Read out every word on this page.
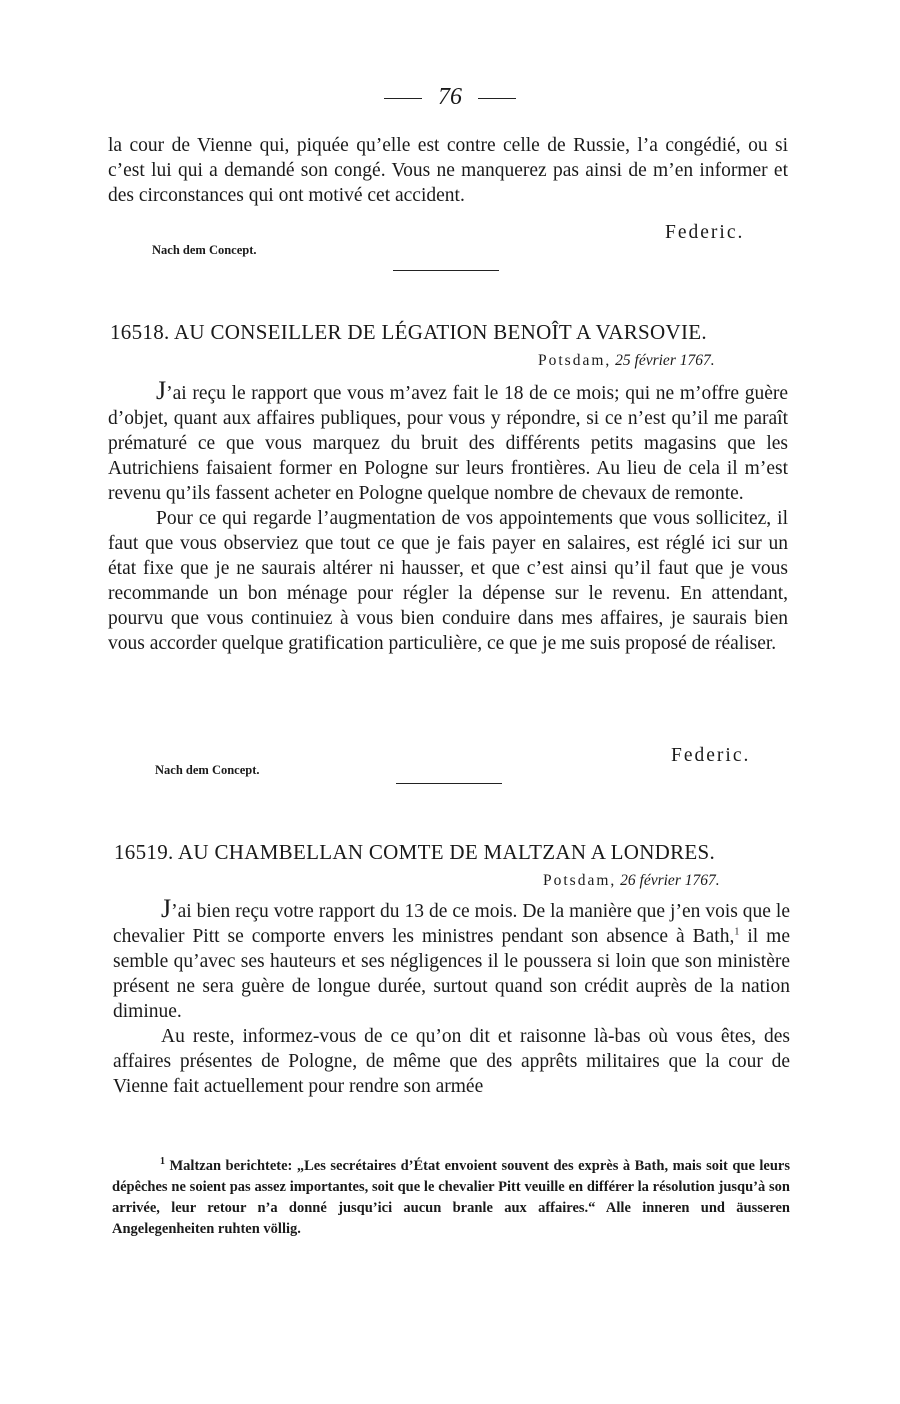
76

la cour de Vienne qui, piquée qu’elle est contre celle de Russie, l’a congédié, ou si c’est lui qui a demandé son congé. Vous ne manquerez pas ainsi de m’en informer et des circonstances qui ont motivé cet accident.

Federic.
Nach dem Concept.
16518. AU CONSEILLER DE LÉGATION BENOÎT A VARSOVIE.
Potsdam, 25 février 1767.

J’ai reçu le rapport que vous m’avez fait le 18 de ce mois; qui ne m’offre guère d’objet, quant aux affaires publiques, pour vous y répondre, si ce n’est qu’il me paraît prématuré ce que vous marquez du bruit des différents petits magasins que les Autrichiens faisaient former en Pologne sur leurs frontières. Au lieu de cela il m’est revenu qu’ils fassent acheter en Pologne quelque nombre de chevaux de remonte.

Pour ce qui regarde l’augmentation de vos appointements que vous sollicitez, il faut que vous observiez que tout ce que je fais payer en salaires, est réglé ici sur un état fixe que je ne saurais altérer ni hausser, et que c’est ainsi qu’il faut que je vous recommande un bon ménage pour régler la dépense sur le revenu. En attendant, pourvu que vous continuiez à vous bien conduire dans mes affaires, je saurais bien vous accorder quelque gratification particulière, ce que je me suis proposé de réaliser.

Federic.
Nach dem Concept.
16519. AU CHAMBELLAN COMTE DE MALTZAN A LONDRES.
Potsdam, 26 février 1767.

J’ai bien reçu votre rapport du 13 de ce mois. De la manière que j’en vois que le chevalier Pitt se comporte envers les ministres pendant son absence à Bath,$^1$ il me semble qu’avec ses hauteurs et ses négligences il le poussera si loin que son ministère présent ne sera guère de longue durée, surtout quand son crédit auprès de la nation diminue.

Au reste, informez-vous de ce qu’on dit et raisonne là-bas où vous êtes, des affaires présentes de Pologne, de même que des apprêts militaires que la cour de Vienne fait actuellement pour rendre son armée

$^1$ Maltzan berichtete: „Les secrétaires d’État envoient souvent des exprès à Bath, mais soit que leurs dépêches ne soient pas assez importantes, soit que le chevalier Pitt veuille en différer la résolution jusqu’à son arrivée, leur retour n’a donné jusqu’ici aucun branle aux affaires.“ Alle inneren und äusseren Angelegenheiten ruhten völlig.
